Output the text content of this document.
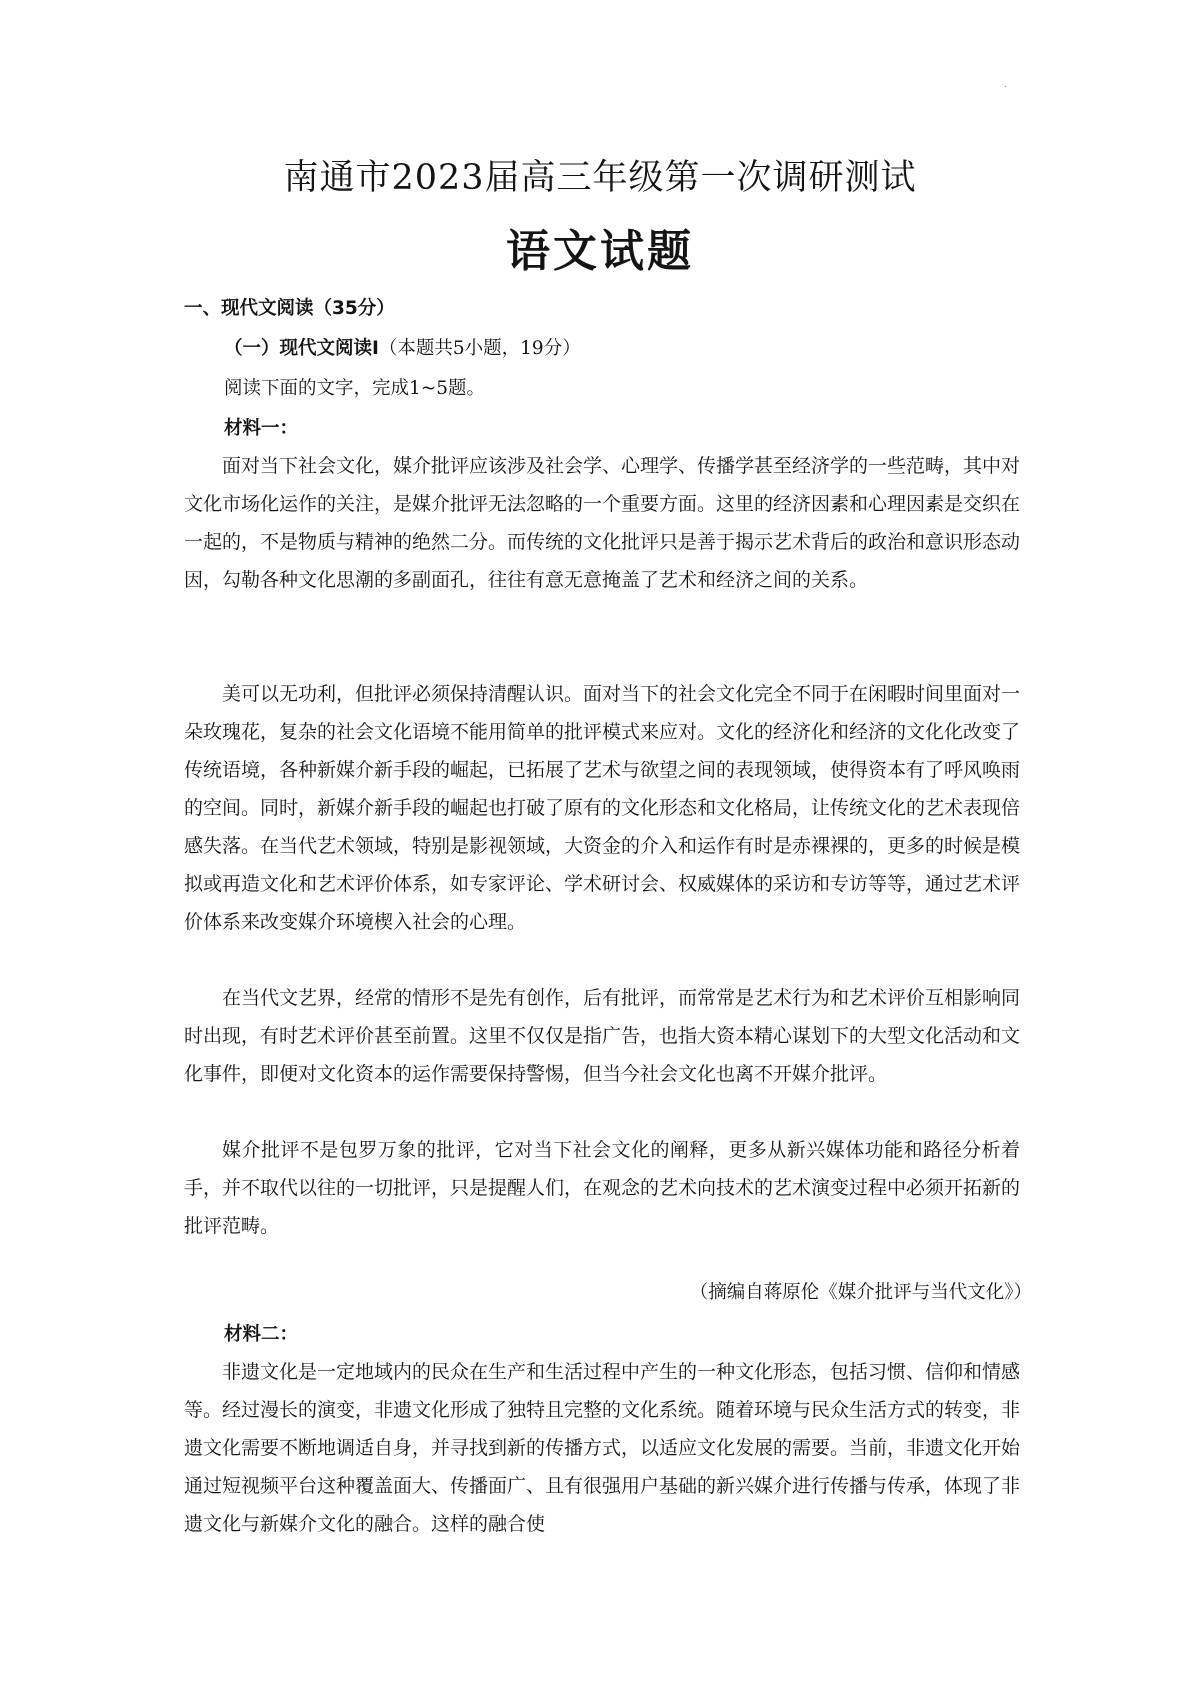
·
南通市2023届高三年级第一次调研测试
语文试题
一、现代文阅读（35分）
（一）现代文阅读I（本题共5小题，19分）
阅读下面的文字，完成1~5题。
材料一：

面对当下社会文化，媒介批评应该涉及社会学、心理学、传播学甚至经济学的一些范畴，其中对文化市场化运作的关注，是媒介批评无法忽略的一个重要方面。这里的经济因素和心理因素是交织在一起的，不是物质与精神的绝然二分。而传统的文化批评只是善于揭示艺术背后的政治和意识形态动因，勾勒各种文化思潮的多副面孔，往往有意无意掩盖了艺术和经济之间的关系。

美可以无功利，但批评必须保持清醒认识。面对当下的社会文化完全不同于在闲暇时间里面对一朵玫瑰花，复杂的社会文化语境不能用简单的批评模式来应对。文化的经济化和经济的文化化改变了传统语境，各种新媒介新手段的崛起，已拓展了艺术与欲望之间的表现领域，使得资本有了呼风唤雨的空间。同时，新媒介新手段的崛起也打破了原有的文化形态和文化格局，让传统文化的艺术表现倍感失落。在当代艺术领域，特别是影视领域，大资金的介入和运作有时是赤裸裸的，更多的时候是模拟或再造文化和艺术评价体系，如专家评论、学术研讨会、权威媒体的采访和专访等等，通过艺术评价体系来改变媒介环境楔入社会的心理。

在当代文艺界，经常的情形不是先有创作，后有批评，而常常是艺术行为和艺术评价互相影响同时出现，有时艺术评价甚至前置。这里不仅仅是指广告，也指大资本精心谋划下的大型文化活动和文化事件，即便对文化资本的运作需要保持警惕，但当今社会文化也离不开媒介批评。

媒介批评不是包罗万象的批评，它对当下社会文化的阐释，更多从新兴媒体功能和路径分析着手，并不取代以往的一切批评，只是提醒人们，在观念的艺术向技术的艺术演变过程中必须开拓新的批评范畴。

（摘编自蒋原伦《媒介批评与当代文化》）
材料二：

非遗文化是一定地域内的民众在生产和生活过程中产生的一种文化形态，包括习惯、信仰和情感等。经过漫长的演变，非遗文化形成了独特且完整的文化系统。随着环境与民众生活方式的转变，非遗文化需要不断地调适自身，并寻找到新的传播方式，以适应文化发展的需要。当前，非遗文化开始通过短视频平台这种覆盖面大、传播面广、且有很强用户基础的新兴媒介进行传播与传承，体现了非遗文化与新媒介文化的融合。这样的融合使
